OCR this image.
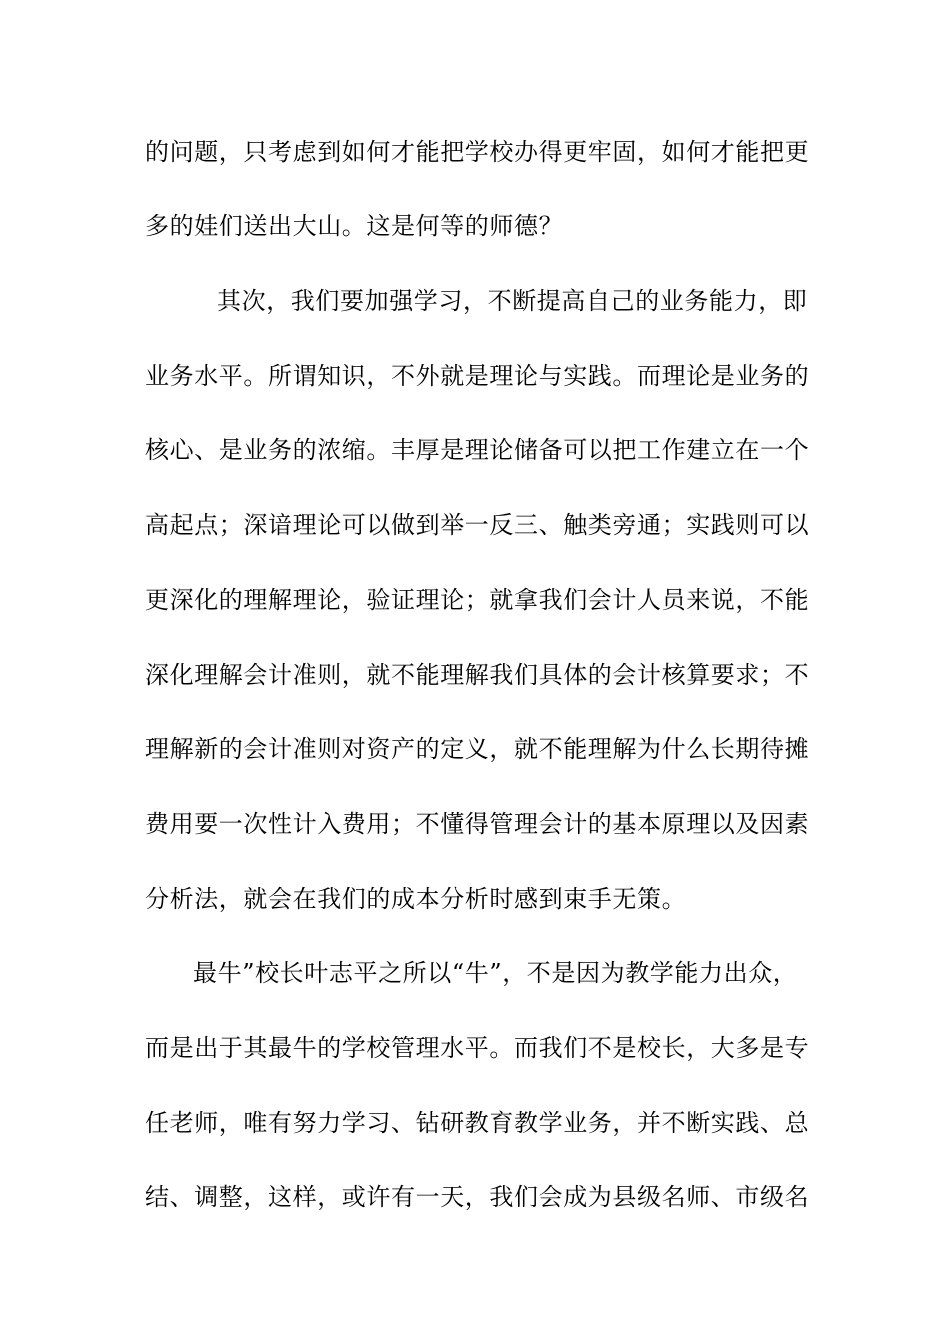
的问题，只考虑到如何才能把学校办得更牢固，如何才能把更
多的娃们送出大山。这是何等的师德？
其次，我们要加强学习，不断提高自己的业务能力，即
业务水平。所谓知识，不外就是理论与实践。而理论是业务的
核心、是业务的浓缩。丰厚是理论储备可以把工作建立在一个
高起点；深谙理论可以做到举一反三、触类旁通；实践则可以
更深化的理解理论，验证理论；就拿我们会计人员来说，不能
深化理解会计准则，就不能理解我们具体的会计核算要求；不
理解新的会计准则对资产的定义，就不能理解为什么长期待摊
费用要一次性计入费用；不懂得管理会计的基本原理以及因素
分析法，就会在我们的成本分析时感到束手无策。
最牛”校长叶志平之所以“牛”，不是因为教学能力出众，
而是出于其最牛的学校管理水平。而我们不是校长，大多是专
任老师，唯有努力学习、钻研教育教学业务，并不断实践、总
结、调整，这样，或许有一天，我们会成为县级名师、市级名
